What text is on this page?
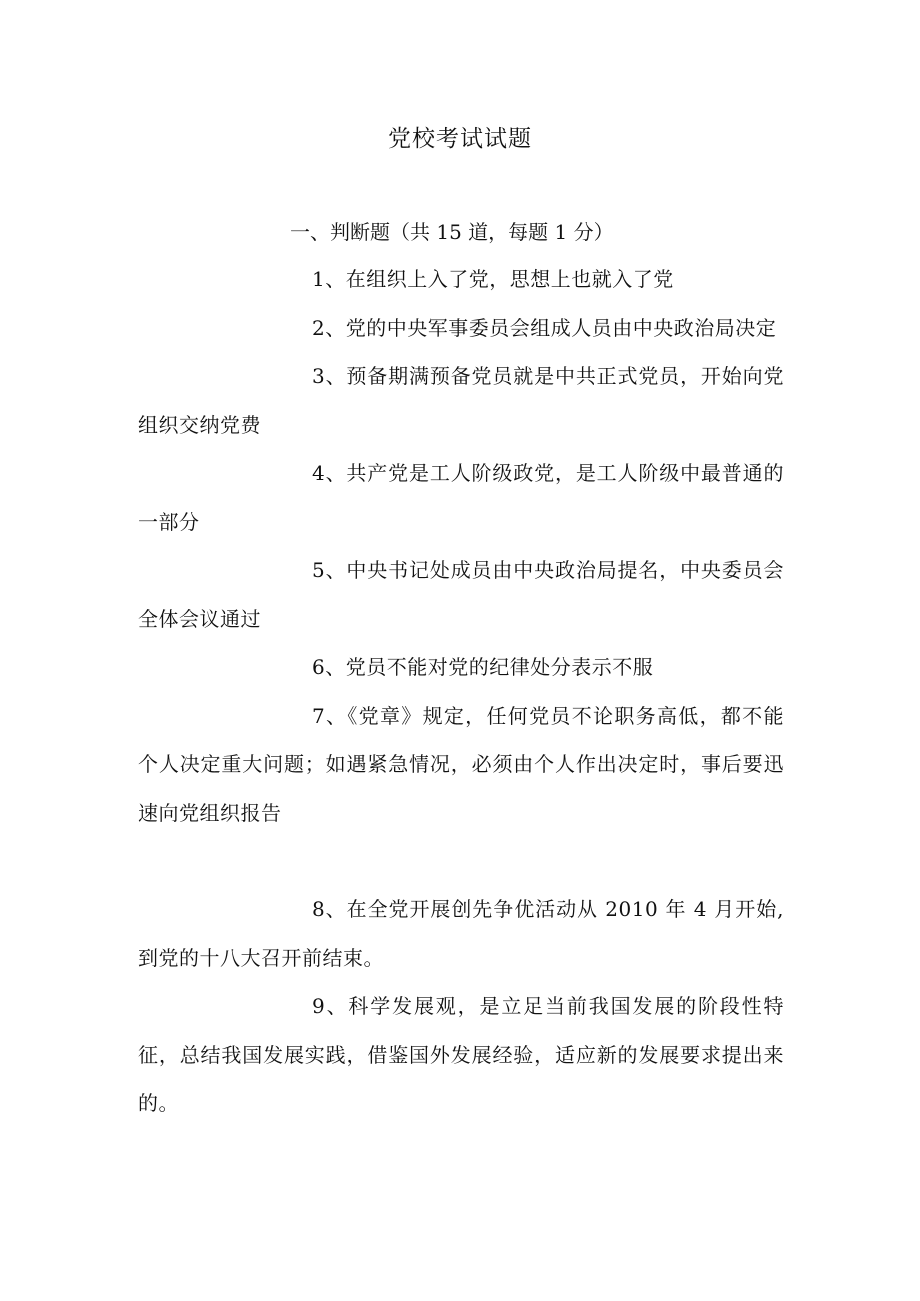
党校考试试题

一、判断题（共 15 道，每题 1 分）

1、在组织上入了党，思想上也就入了党
2、党的中央军事委员会组成人员由中央政治局决定
3、预备期满预备党员就是中共正式党员，开始向党组织交纳党费
4、共产党是工人阶级政党，是工人阶级中最普通的一部分
5、中央书记处成员由中央政治局提名，中央委员会全体会议通过
6、党员不能对党的纪律处分表示不服
7、《党章》规定，任何党员不论职务高低，都不能个人决定重大问题；如遇紧急情况，必须由个人作出决定时，事后要迅速向党组织报告
8、在全党开展创先争优活动从 2010 年 4 月开始, 到党的十八大召开前结束。
9、科学发展观，是立足当前我国发展的阶段性特征，总结我国发展实践，借鉴国外发展经验，适应新的发展要求提出来的。
